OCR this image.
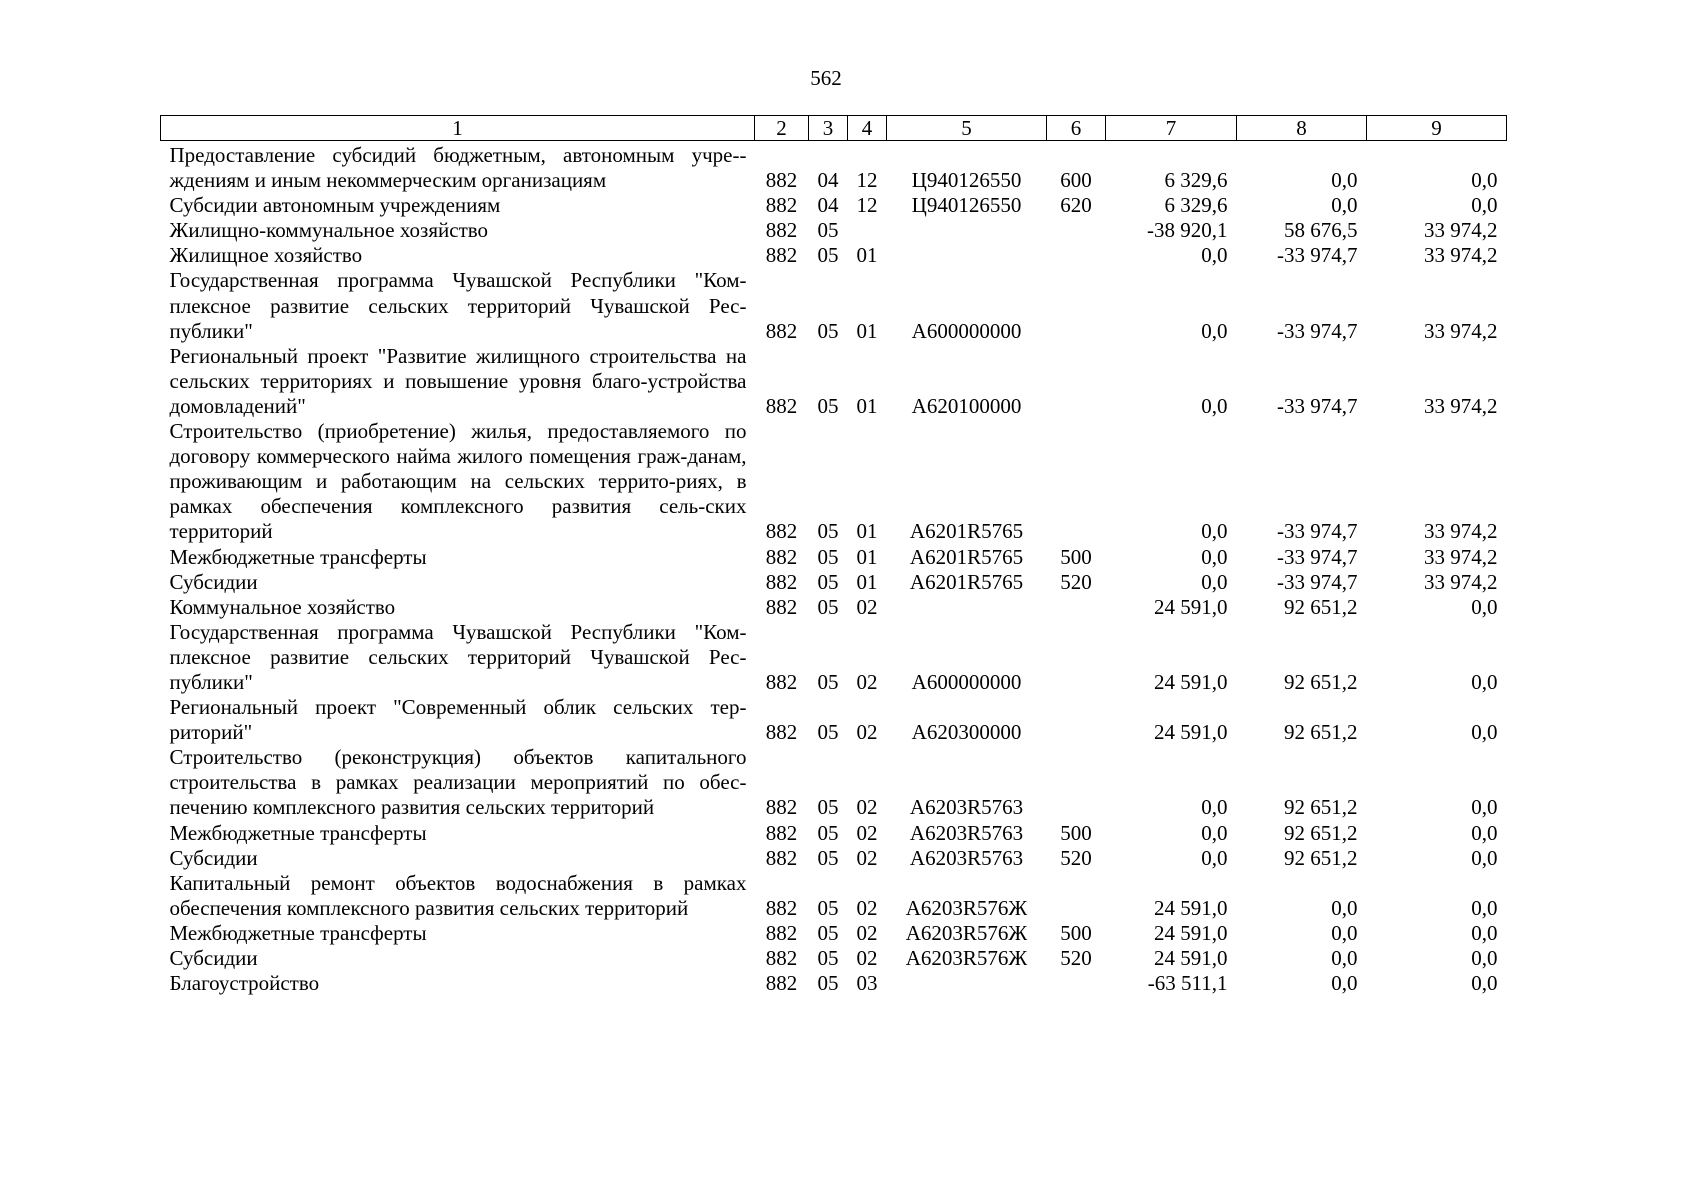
562
1	2	3	4	5	6	7	8	9
Предоставление субсидий бюджетным, автономным учре-ждениям и иным некоммерческим организациям	882	04	12	Ц940126550	600	6 329,6	0,0	0,0
Субсидии автономным учреждениям	882	04	12	Ц940126550	620	6 329,6	0,0	0,0
Жилищно-коммунальное хозяйство	882	05				-38 920,1	58 676,5	33 974,2
Жилищное хозяйство	882	05	01			0,0	-33 974,7	33 974,2
Государственная программа Чувашской Республики "Ком-плексное развитие сельских территорий Чувашской Рес-публики"	882	05	01	А600000000		0,0	-33 974,7	33 974,2
Региональный проект "Развитие жилищного строительства на сельских территориях и повышение уровня благо-устройства домовладений"	882	05	01	А620100000		0,0	-33 974,7	33 974,2
Строительство (приобретение) жилья, предоставляемого по договору коммерческого найма жилого помещения граж-данам, проживающим и работающим на сельских террито-риях, в рамках обеспечения комплексного развития сель-ских территорий	882	05	01	А6201R5765		0,0	-33 974,7	33 974,2
Межбюджетные трансферты	882	05	01	А6201R5765	500	0,0	-33 974,7	33 974,2
Субсидии	882	05	01	А6201R5765	520	0,0	-33 974,7	33 974,2
Коммунальное хозяйство	882	05	02			24 591,0	92 651,2	0,0
Государственная программа Чувашской Республики "Ком-плексное развитие сельских территорий Чувашской Рес-публики"	882	05	02	А600000000		24 591,0	92 651,2	0,0
Региональный проект "Современный облик сельских тер-риторий"	882	05	02	А620300000		24 591,0	92 651,2	0,0
Строительство (реконструкция) объектов капитального строительства в рамках реализации мероприятий по обес-печению комплексного развития сельских территорий	882	05	02	А6203R5763		0,0	92 651,2	0,0
Межбюджетные трансферты	882	05	02	А6203R5763	500	0,0	92 651,2	0,0
Субсидии	882	05	02	А6203R5763	520	0,0	92 651,2	0,0
Капитальный ремонт объектов водоснабжения в рамках обеспечения комплексного развития сельских территорий	882	05	02	А6203R576Ж		24 591,0	0,0	0,0
Межбюджетные трансферты	882	05	02	А6203R576Ж	500	24 591,0	0,0	0,0
Субсидии	882	05	02	А6203R576Ж	520	24 591,0	0,0	0,0
Благоустройство	882	05	03			-63 511,1	0,0	0,0
